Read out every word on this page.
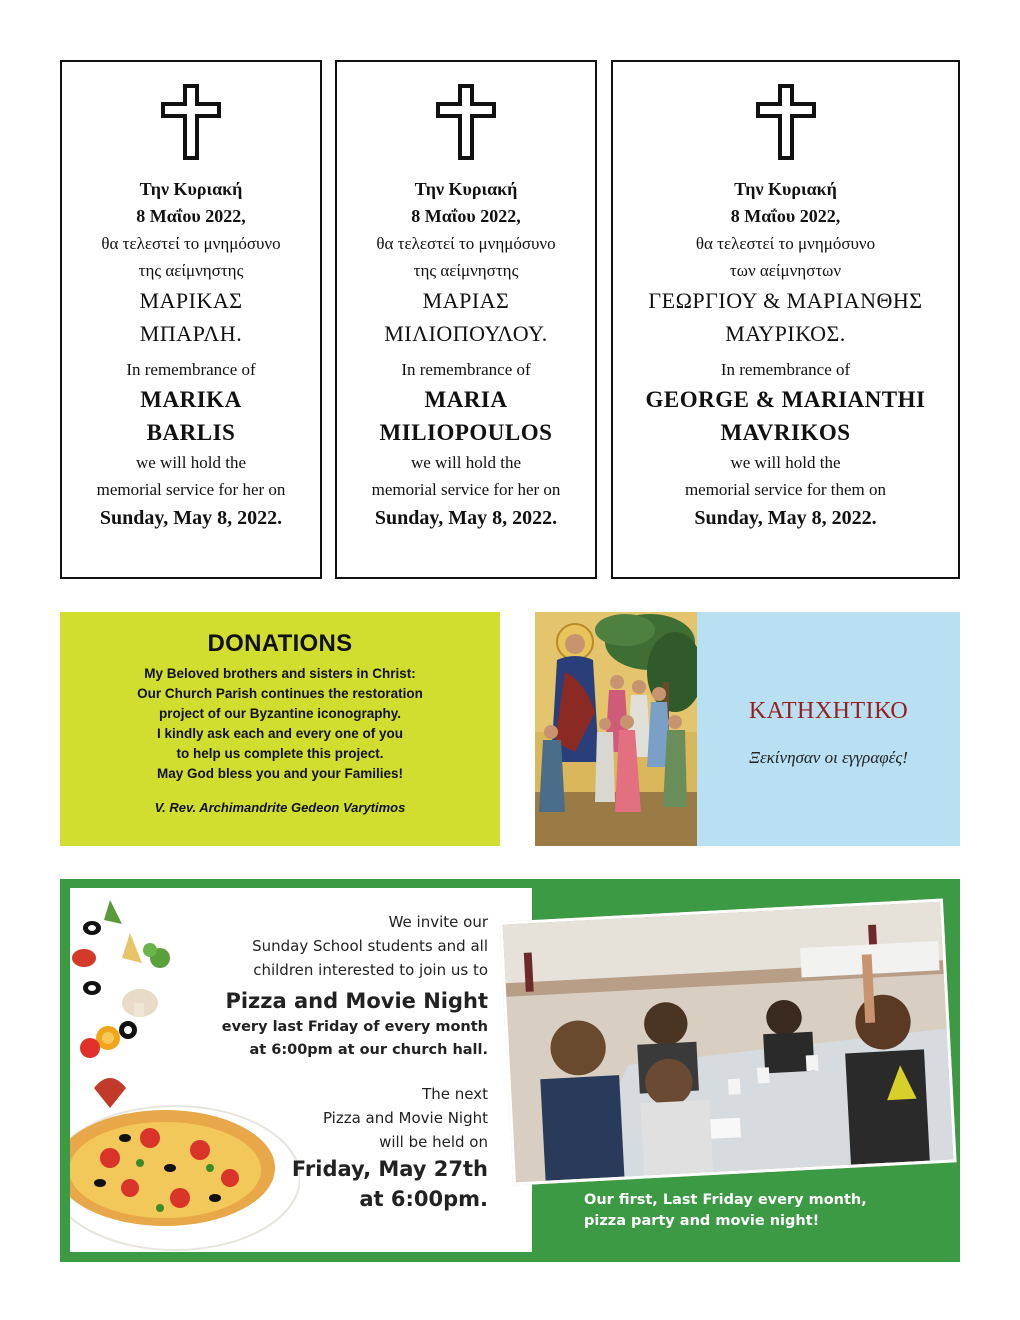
Την Κυριακή
8 Μαΐου 2022,
θα τελεστεί το μνημόσυνο
της αείμνηστης
ΜΑΡΙΚΑΣ
ΜΠΑΡΛΗ.
In remembrance of
MARIKA
BARLIS
we will hold the
memorial service for her on
Sunday, May 8, 2022.
Την Κυριακή
8 Μαΐου 2022,
θα τελεστεί το μνημόσυνο
της αείμνηστης
ΜΑΡΙΑΣ
ΜΙΛΙΟΠΟΥΛΟΥ.
In remembrance of
MARIA
MILIOPOULOS
we will hold the
memorial service for her on
Sunday, May 8, 2022.
Την Κυριακή
8 Μαΐου 2022,
θα τελεστεί το μνημόσυνο
των αείμνηστων
ΓΕΩΡΓΙΟΥ & ΜΑΡΙΑΝΘΗΣ
ΜΑΥΡΙΚΟΣ.
In remembrance of
GEORGE & MARIANTHI
MAVRIKOS
we will hold the
memorial service for them on
Sunday, May 8, 2022.
DONATIONS
My Beloved brothers and sisters in Christ:
Our Church Parish continues the restoration
project of our Byzantine iconography.
I kindly ask each and every one of you
to help us complete this project.
May God bless you and your Families!
V. Rev. Archimandrite Gedeon Varytimos
ΚΑΤΗΧΗΤΙΚΟ
Ξεκίνησαν οι εγγραφές!
We invite our
Sunday School students and all
children interested to join us to
Pizza and Movie Night
every last Friday of every month
at 6:00pm at our church hall.
The next
Pizza and Movie Night
will be held on
Friday, May 27th
at 6:00pm.	Our first, Last Friday every month,
pizza party and movie night!
